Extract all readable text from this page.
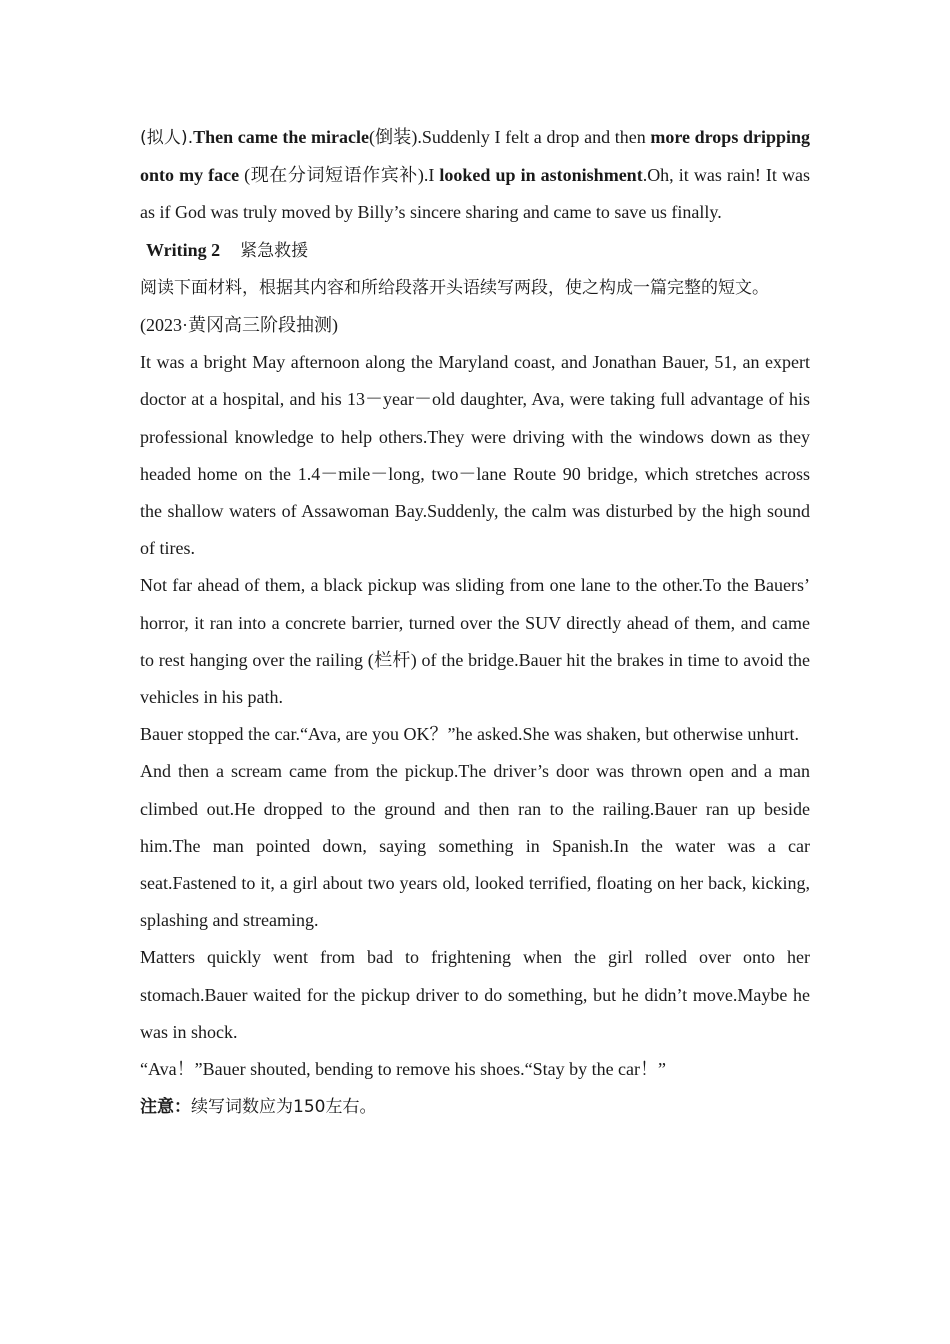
(拟人).Then came the miracle(倒装).Suddenly I felt a drop and then more drops dripping onto my face (现在分词短语作宾补).I looked up in astonishment.Oh, it was rain! It was as if God was truly moved by Billy’s sincere sharing and came to save us finally.

Writing 2 紧急救援

阅读下面材料，根据其内容和所给段落开头语续写两段，使之构成一篇完整的短文。

(2023·黄冈高三阶段抽测)

It was a bright May afternoon along the Maryland coast, and Jonathan Bauer, 51, an expert doctor at a hospital, and his 13－year－old daughter, Ava, were taking full advantage of his professional knowledge to help others.They were driving with the windows down as they headed home on the 1.4－mile－long, two－lane Route 90 bridge, which stretches across the shallow waters of Assawoman Bay.Suddenly, the calm was disturbed by the high sound of tires.

Not far ahead of them, a black pickup was sliding from one lane to the other.To the Bauers’ horror, it ran into a concrete barrier, turned over the SUV directly ahead of them, and came to rest hanging over the railing (栏杆) of the bridge.Bauer hit the brakes in time to avoid the vehicles in his path.

Bauer stopped the car.“Ava, are you OK？”he asked.She was shaken, but otherwise unhurt.

And then a scream came from the pickup.The driver’s door was thrown open and a man climbed out.He dropped to the ground and then ran to the railing.Bauer ran up beside him.The man pointed down, saying something in Spanish.In the water was a car seat.Fastened to it, a girl about two years old, looked terrified, floating on her back, kicking, splashing and streaming.

Matters quickly went from bad to frightening when the girl rolled over onto her stomach.Bauer waited for the pickup driver to do something, but he didn’t move.Maybe he was in shock.

“Ava！”Bauer shouted, bending to remove his shoes.“Stay by the car！”

注意：续写词数应为150左右。
